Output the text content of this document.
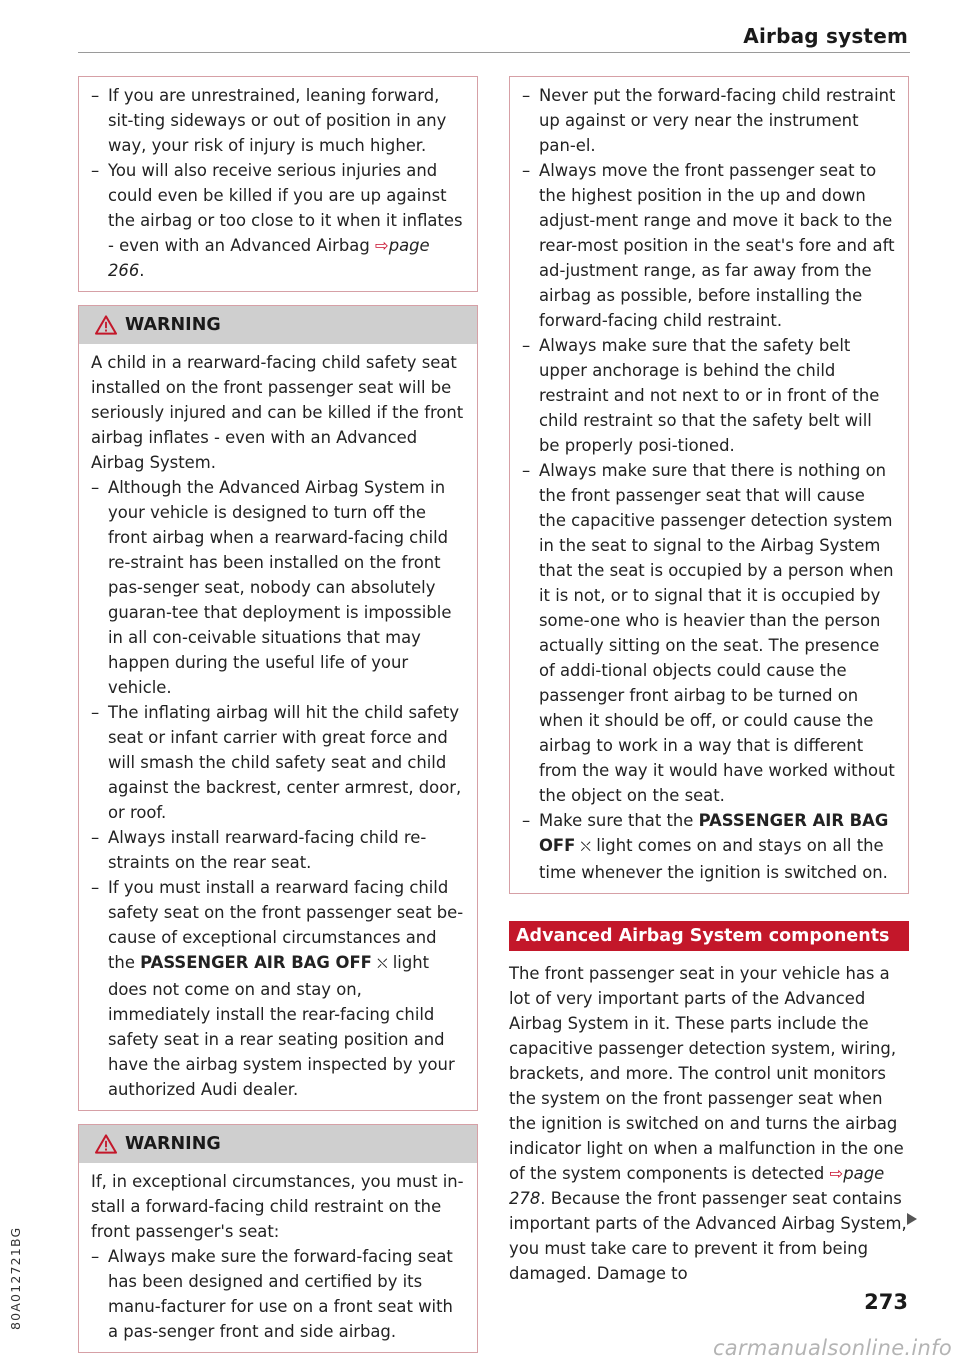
Airbag system
– If you are unrestrained, leaning forward, sit-ting sideways or out of position in any way, your risk of injury is much higher.
– You will also receive serious injuries and could even be killed if you are up against the airbag or too close to it when it inflates - even with an Advanced Airbag ⇨page 266.
WARNING
A child in a rearward-facing child safety seat installed on the front passenger seat will be seriously injured and can be killed if the front airbag inflates - even with an Advanced Airbag System.
– Although the Advanced Airbag System in your vehicle is designed to turn off the front airbag when a rearward-facing child re-straint has been installed on the front pas-senger seat, nobody can absolutely guaran-tee that deployment is impossible in all con-ceivable situations that may happen during the useful life of your vehicle.
– The inflating airbag will hit the child safety seat or infant carrier with great force and will smash the child safety seat and child against the backrest, center armrest, door, or roof.
– Always install rearward-facing child re-straints on the rear seat.
– If you must install a rearward facing child safety seat on the front passenger seat be-cause of exceptional circumstances and the PASSENGER AIR BAG OFF ⛌ light does not come on and stay on, immediately install the rear-facing child safety seat in a rear seating position and have the airbag system inspected by your authorized Audi dealer.
WARNING
If, in exceptional circumstances, you must in-stall a forward-facing child restraint on the front passenger's seat:
– Always make sure the forward-facing seat has been designed and certified by its manu-facturer for use on a front seat with a pas-senger front and side airbag.
– Never put the forward-facing child restraint up against or very near the instrument pan-el.
– Always move the front passenger seat to the highest position in the up and down adjust-ment range and move it back to the rear-most position in the seat's fore and aft ad-justment range, as far away from the airbag as possible, before installing the forward-facing child restraint.
– Always make sure that the safety belt upper anchorage is behind the child restraint and not next to or in front of the child restraint so that the safety belt will be properly posi-tioned.
– Always make sure that there is nothing on the front passenger seat that will cause the capacitive passenger detection system in the seat to signal to the Airbag System that the seat is occupied by a person when it is not, or to signal that it is occupied by some-one who is heavier than the person actually sitting on the seat. The presence of addi-tional objects could cause the passenger front airbag to be turned on when it should be off, or could cause the airbag to work in a way that is different from the way it would have worked without the object on the seat.
– Make sure that the PASSENGER AIR BAG OFF ⛌ light comes on and stays on all the time whenever the ignition is switched on.
Advanced Airbag System components
The front passenger seat in your vehicle has a lot of very important parts of the Advanced Airbag System in it. These parts include the capacitive passenger detection system, wiring, brackets, and more. The control unit monitors the system on the front passenger seat when the ignition is switched on and turns the airbag indicator light on when a malfunction in the one of the system components is detected ⇨page 278. Because the front passenger seat contains important parts of the Advanced Airbag System, you must take care to prevent it from being damaged. Damage to
273
80A012721BG
carmanualsonline.info
